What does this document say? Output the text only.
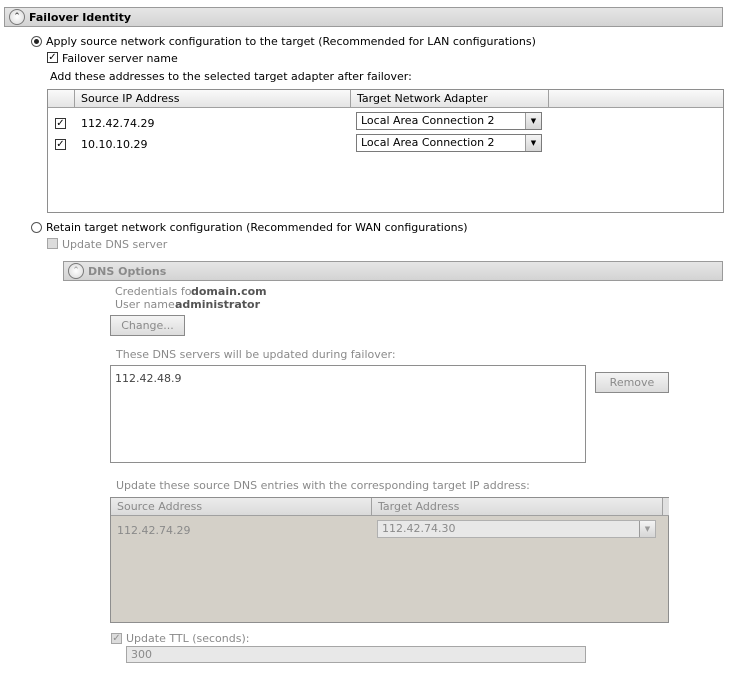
⌃ Failover Identity
Apply source network configuration to the target (Recommended for LAN configurations)
✓ Failover server name
Add these addresses to the selected target adapter after failover:
Source IP Address	Target Network Adapter
✓ 112.42.74.29	Local Area Connection 2	▼
✓ 10.10.10.29	Local Area Connection 2	▼
Retain target network configuration (Recommended for WAN configurations)
Update DNS server
⌃ DNS Options
Credentials for
domain.com
User name:
administrator
Change...
These DNS servers will be updated during failover:
112.42.48.9	Remove
Update these source DNS entries with the corresponding target IP address:
Source Address	Target Address
112.42.74.29	112.42.74.30	▼
✓ Update TTL (seconds):
300
